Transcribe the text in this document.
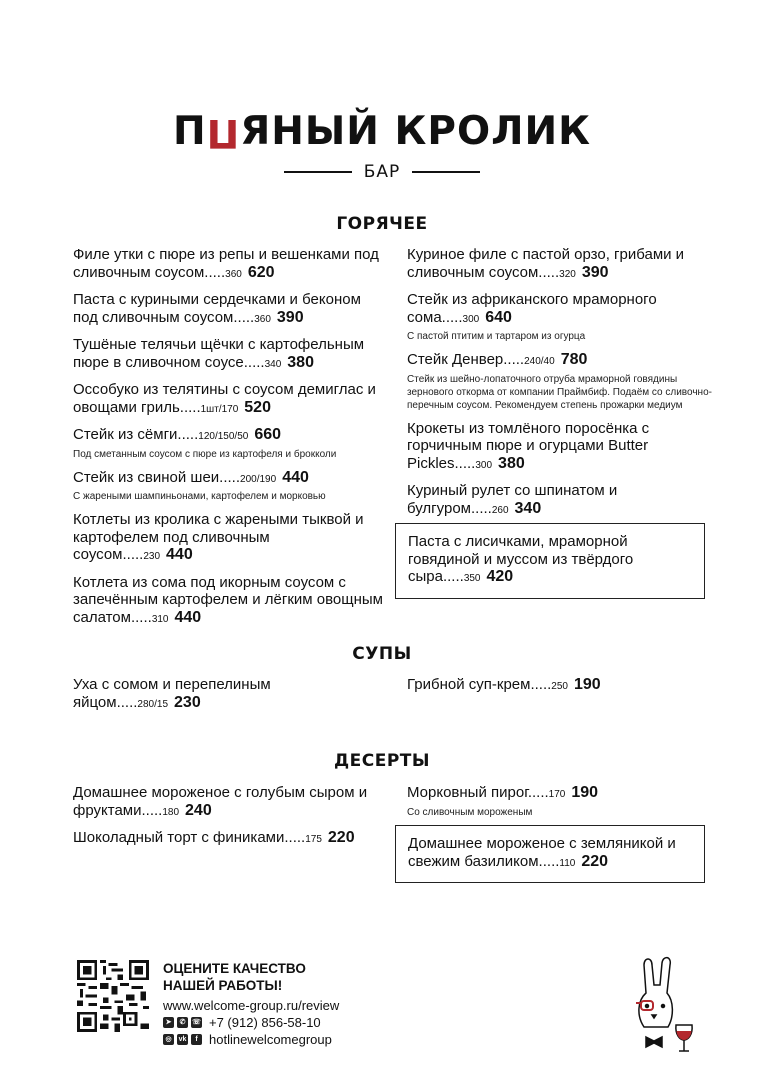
П П ЯНЫЙ КРОЛИК
БАР
ГОРЯЧЕЕ
Филе утки с пюре из репы и вешенками под сливочным соусом.....360 620
Паста с куриными сердечками и беконом под сливочным соусом.....360 390
Тушёные телячьи щёчки с картофельным пюре в сливочном соусе.....340 380
Оссобуко из телятины с соусом демиглас и овощами гриль.....1шт/170 520
Стейк из сёмги.....120/150/50 660
Под сметанным соусом с пюре из картофеля и брокколи
Стейк из свиной шеи.....200/190 440
С жареными шампиньонами, картофелем и морковью
Котлеты из кролика с жареными тыквой и картофелем под сливочным соусом.....230 440
Котлета из сома под икорным соусом с запечённым картофелем и лёгким овощным салатом.....310 440
Куриное филе с пастой орзо, грибами и сливочным соусом.....320 390
Стейк из африканского мраморного сома.....300 640
С пастой птитим и тартаром из огурца
Стейк Денвер.....240/40 780
Стейк из шейно-лопаточного отруба мраморной говядины зернового откорма от компании Праймбиф. Подаём со сливочно-перечным соусом. Рекомендуем степень прожарки медиум
Крокеты из томлёного поросёнка с горчичным пюре и огурцами Butter Pickles.....300 380
Куриный рулет со шпинатом и булгуром.....260 340
Паста с лисичками, мраморной говядиной и муссом из твёрдого сыра.....350 420
СУПЫ
Уха с сомом и перепелиным яйцом.....280/15 230
Грибной суп-крем.....250 190
ДЕСЕРТЫ
Домашнее мороженое с голубым сыром и фруктами.....180 240
Шоколадный торт с финиками.....175 220
Морковный пирог.....170 190
Со сливочным мороженым
Домашнее мороженое с земляникой и свежим базиликом.....110 220
ОЦЕНИТЕ КАЧЕСТВО
НАШЕЙ РАБОТЫ!
www.welcome-group.ru/review
➤	✆ ☏ +7 (912) 856-58-10
◎	vk	f hotlinewelcomegroup
